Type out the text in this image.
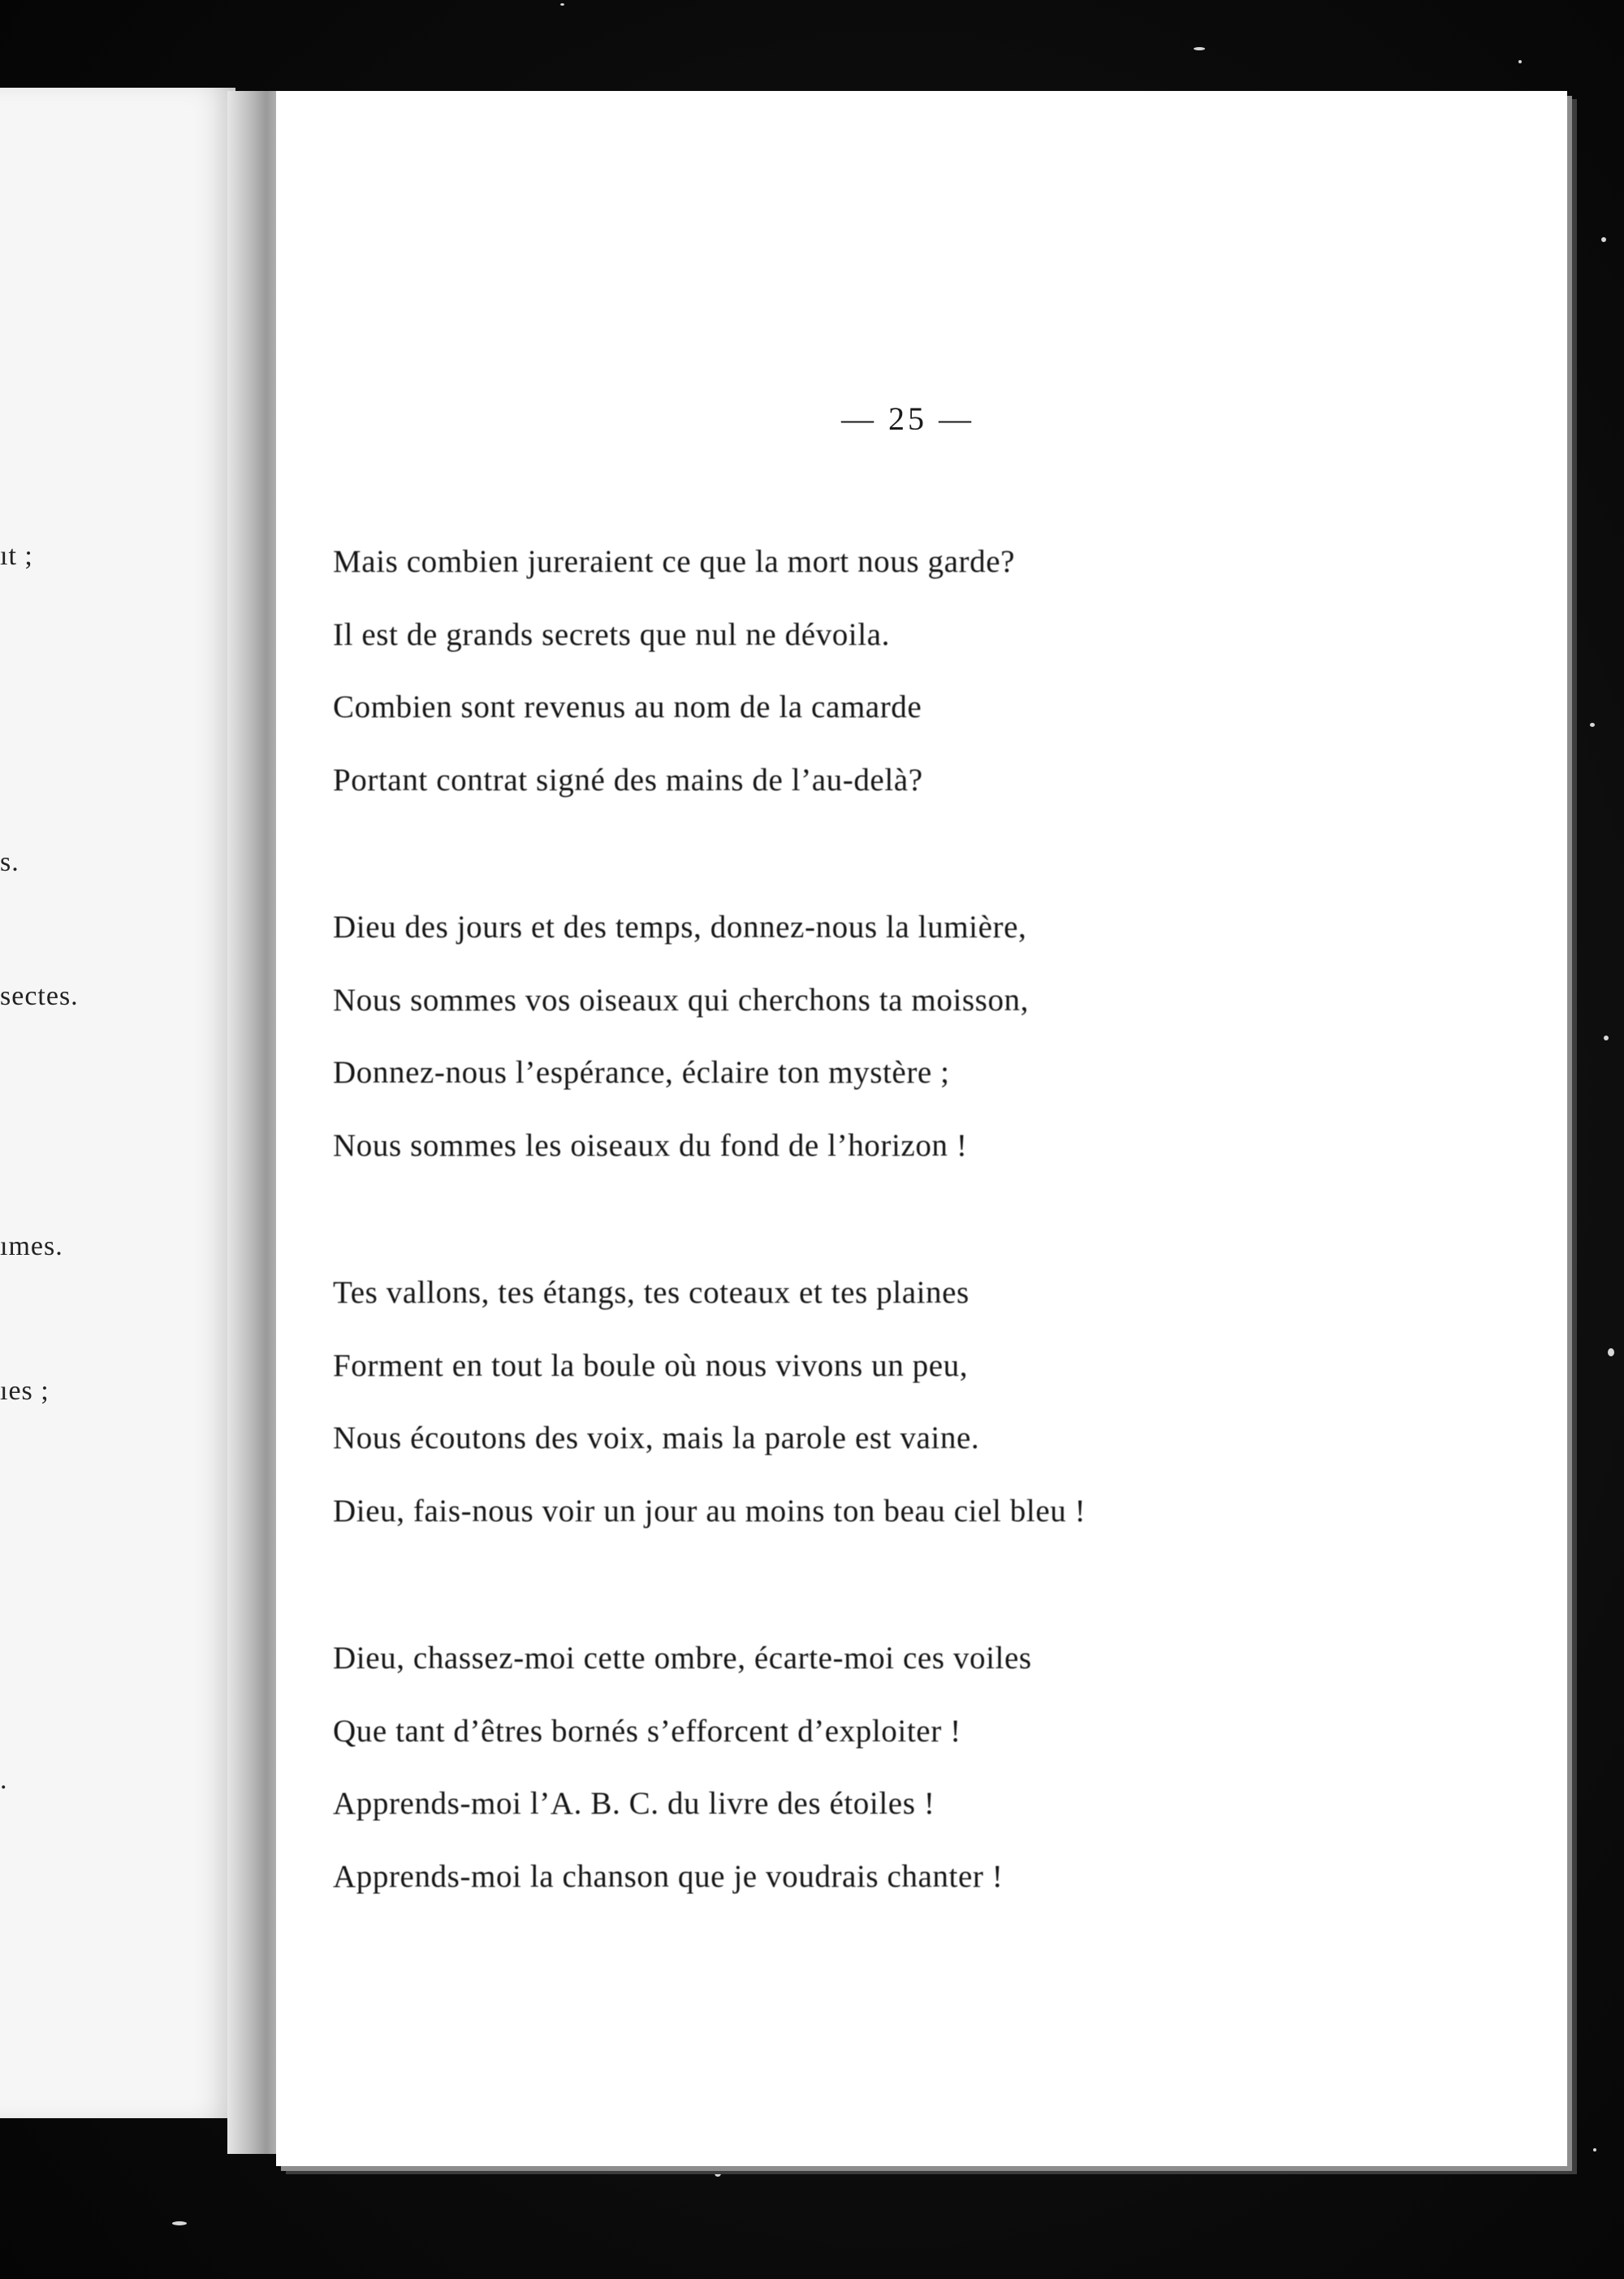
ıt ;
s.
sectes.
ımes.
ıes ;
.
— 25 —
Mais combien jureraient ce que la mort nous garde?
Il est de grands secrets que nul ne dévoila.
Combien sont revenus au nom de la camarde
Portant contrat signé des mains de l’au-delà?
Dieu des jours et des temps, donnez-nous la lumière,
Nous sommes vos oiseaux qui cherchons ta moisson,
Donnez-nous l’espérance, éclaire ton mystère ;
Nous sommes les oiseaux du fond de l’horizon !
Tes vallons, tes étangs, tes coteaux et tes plaines
Forment en tout la boule où nous vivons un peu,
Nous écoutons des voix, mais la parole est vaine.
Dieu, fais-nous voir un jour au moins ton beau ciel bleu !
Dieu, chassez-moi cette ombre, écarte-moi ces voiles
Que tant d’êtres bornés s’efforcent d’exploiter !
Apprends-moi l’A. B. C. du livre des étoiles !
Apprends-moi la chanson que je voudrais chanter !
